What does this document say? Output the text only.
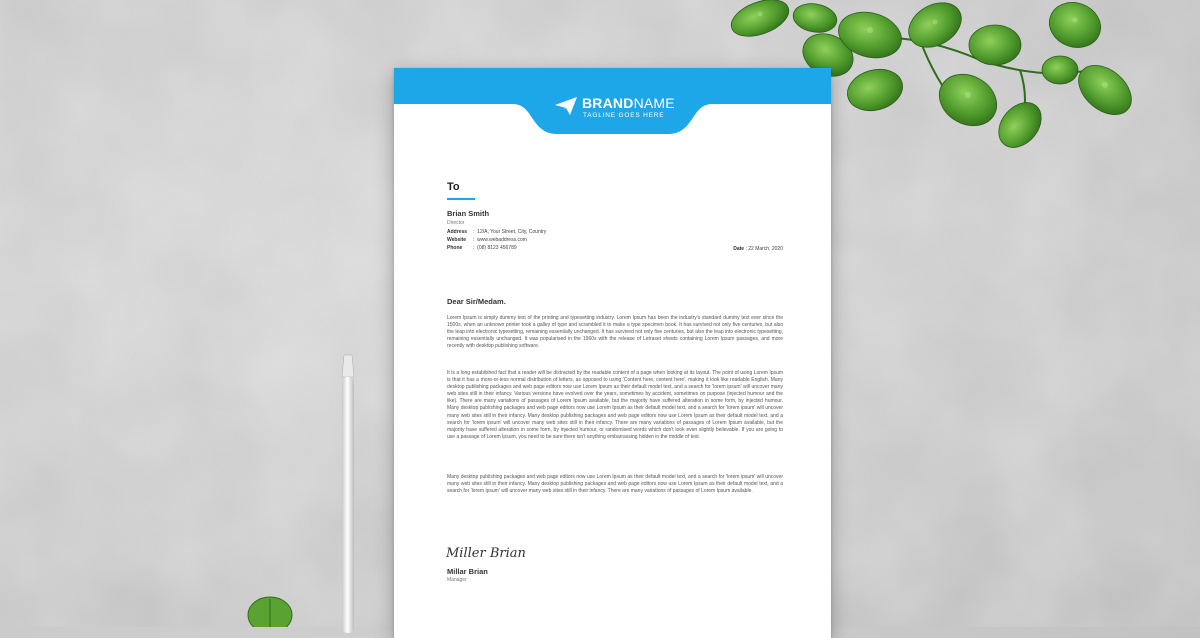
BRANDNAME
TAGLINE GOES HERE
To
Brian Smith
Director
Address : 12/A, Your Street, City, Country
Website : www.webaddress.com
Phone : (08) 8123 456789	Date : 22 March, 2020
Dear Sir/Medam.

Lorem Ipsum is simply dummy text of the printing and typesetting industry. Lorem Ipsum has been the industry's standard dummy text ever since the 1500s, when an unknown printer took a galley of type and scrambled it to make a type specimen book. It has survived not only five centuries, but also the leap into electronic typesetting, remaining essentially unchanged. It has survived not only five centuries, but also the leap into electronic typesetting, remaining essentially unchanged. It was popularised in the 1960s with the release of Letraset sheets containing Lorem Ipsum passages, and more recently with desktop publishing software.

It is a long established fact that a reader will be distracted by the readable content of a page when looking at its layout. The point of using Lorem Ipsum is that it has a more-or-less normal distribution of letters, as opposed to using 'Content here, content here', making it look like readable English. Many desktop publishing packages and web page editors now use Lorem Ipsum as their default model text, and a search for 'lorem ipsum' will uncover many web sites still in their infancy. Various versions have evolved over the years, sometimes by accident, sometimes on purpose (injected humour and the like). There are many variations of passages of Lorem Ipsum available, but the majority have suffered alteration in some form, by injected humour. Many desktop publishing packages and web page editors now use Lorem Ipsum as their default model text, and a search for 'lorem ipsum' will uncover many web sites still in their infancy. Many desktop publishing packages and web page editors now use Lorem Ipsum as their default model text, and a search for 'lorem ipsum' will uncover many web sites still in their infancy. There are many variations of passages of Lorem Ipsum available, but the majority have suffered alteration in some form, by injected humour, or randomised words which don't look even slightly believable. If you are going to use a passage of Lorem Ipsum, you need to be sure there isn't anything embarrassing hidden in the middle of text.

Many desktop publishing packages and web page editors now use Lorem Ipsum as their default model text, and a search for 'lorem ipsum' will uncover many web sites still in their infancy. Many desktop publishing packages and web page editors now use Lorem Ipsum as their default model text, and a search for 'lorem ipsum' will uncover many web sites still in their infancy. There are many variations of passages of Lorem Ipsum available.

Miller Brian
Millar Brian
Manager
